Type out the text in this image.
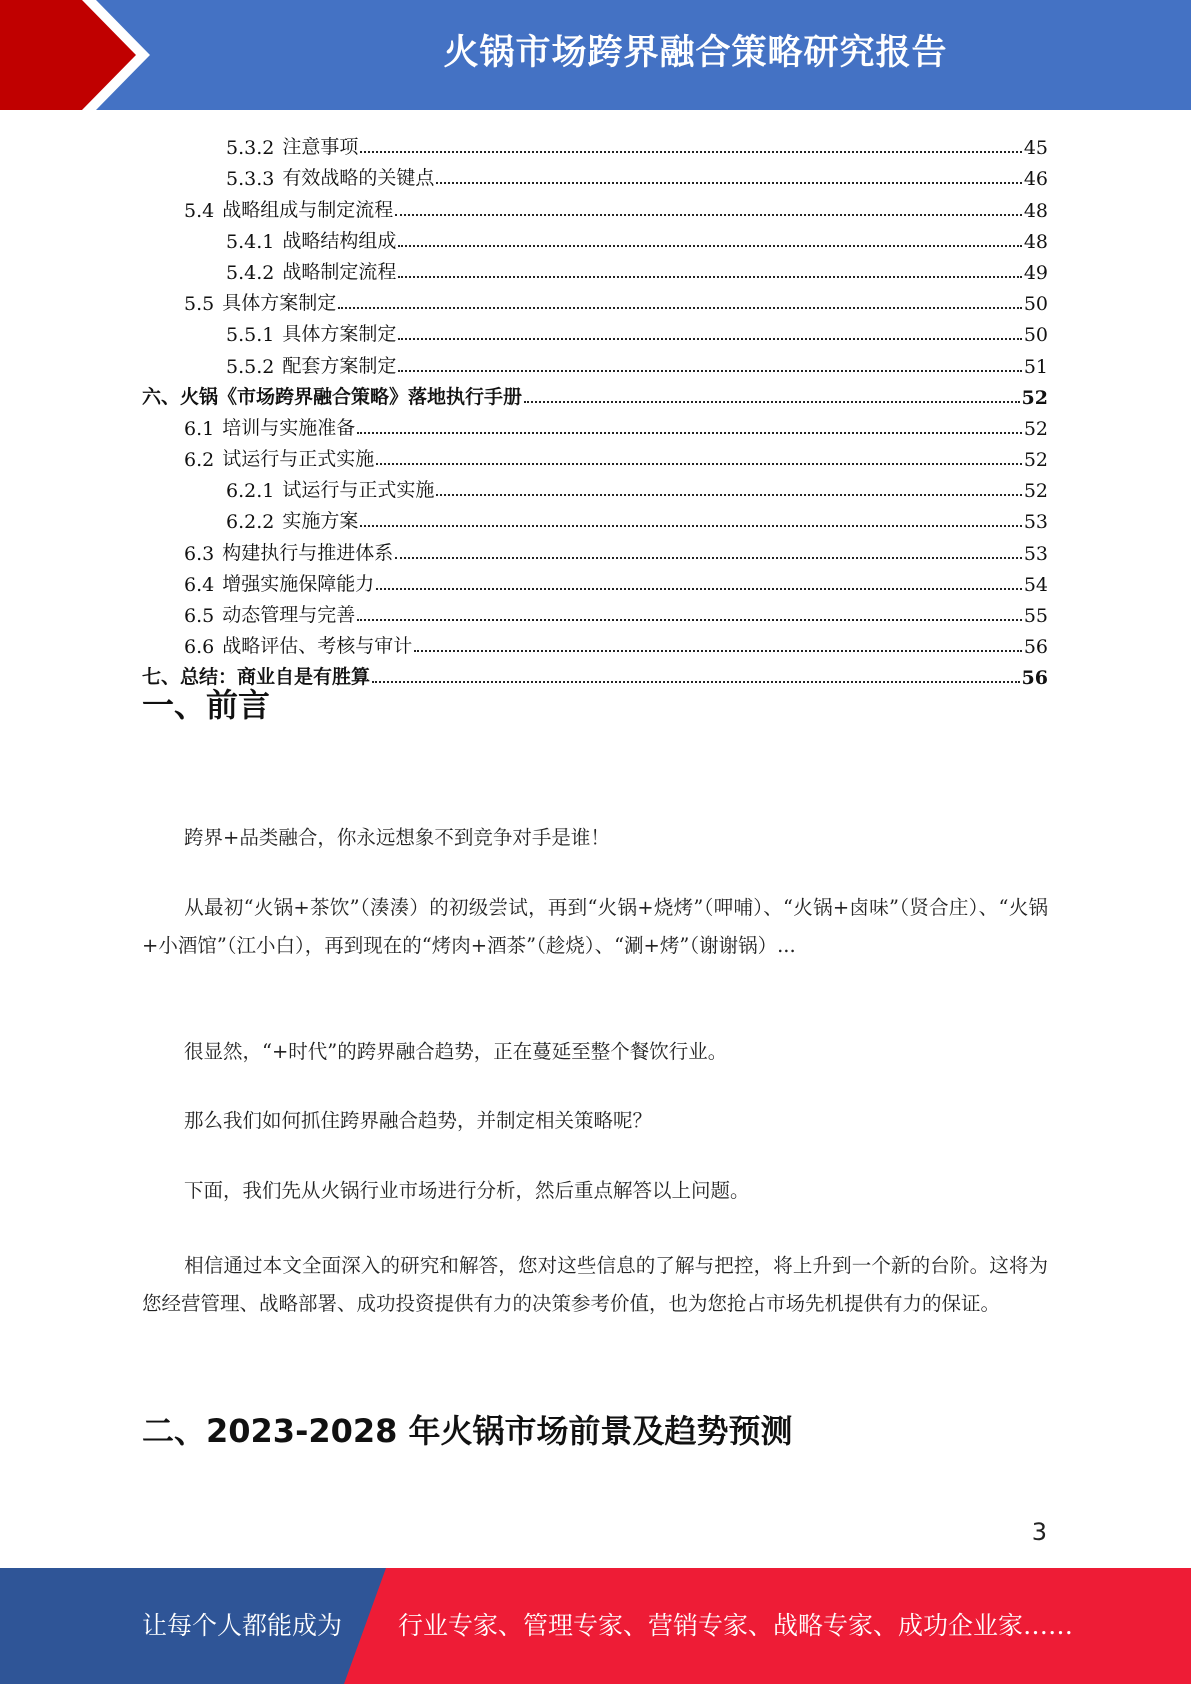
火锅市场跨界融合策略研究报告
5.3.2 注意事项	45
5.3.3 有效战略的关键点	46
5.4 战略组成与制定流程	48
5.4.1 战略结构组成	48
5.4.2 战略制定流程	49
5.5 具体方案制定	50
5.5.1 具体方案制定	50
5.5.2 配套方案制定	51
六、火锅《市场跨界融合策略》落地执行手册	52
6.1 培训与实施准备	52
6.2 试运行与正式实施	52
6.2.1 试运行与正式实施	52
6.2.2 实施方案	53
6.3 构建执行与推进体系	53
6.4 增强实施保障能力	54
6.5 动态管理与完善	55
6.6 战略评估、考核与审计	56
七、总结：商业自是有胜算	56
一、前言
跨界+品类融合，你永远想象不到竞争对手是谁！
从最初“火锅+茶饮”（湊湊）的初级尝试，再到“火锅+烧烤”（呷哺）、“火锅+卤味”（贤合庄）、“火锅+小酒馆”（江小白），再到现在的“烤肉+酒茶”（趁烧）、“涮+烤”（谢谢锅）...
很显然，“+时代”的跨界融合趋势，正在蔓延至整个餐饮行业。
那么我们如何抓住跨界融合趋势，并制定相关策略呢？
下面，我们先从火锅行业市场进行分析，然后重点解答以上问题。
相信通过本文全面深入的研究和解答，您对这些信息的了解与把控，将上升到一个新的台阶。这将为您经营管理、战略部署、成功投资提供有力的决策参考价值，也为您抢占市场先机提供有力的保证。
二、2023-2028 年火锅市场前景及趋势预测
3
让每个人都能成为 行业专家、管理专家、营销专家、战略专家、成功企业家……
